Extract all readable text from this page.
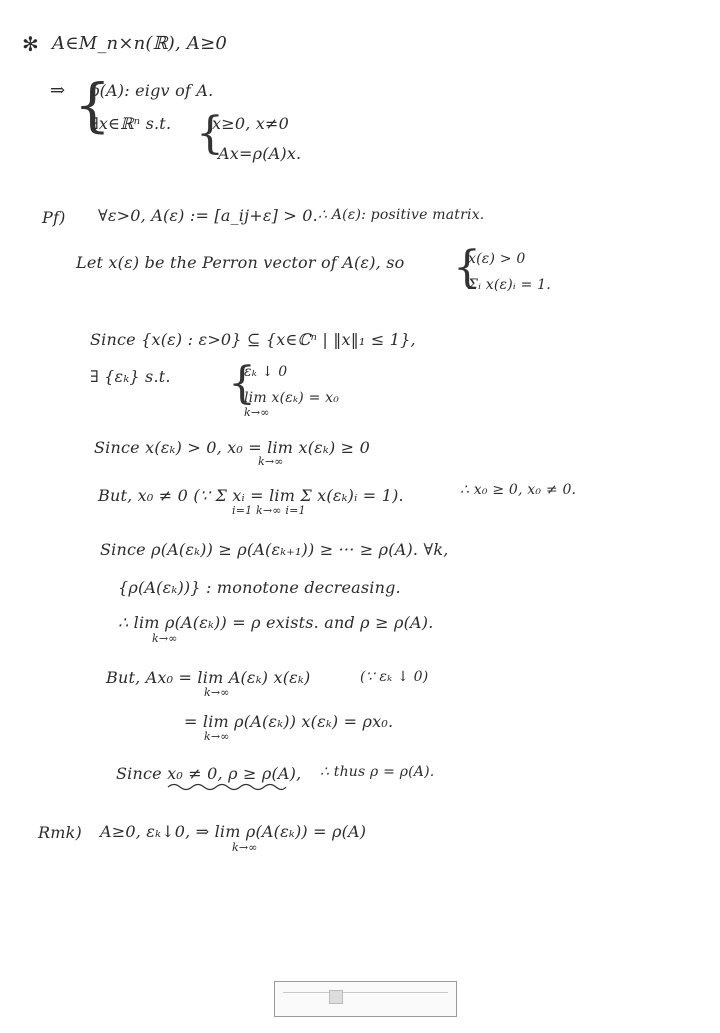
✻ A∈M_n×n(ℝ), A≥0
⇒ {
ρ(A): eigv of A.
∃x∈ℝⁿ s.t. {
x≥0, x≠0
Ax=ρ(A)x.
Pf) ∀ε>0, A(ε) := [a_ij+ε] > 0. ∴ A(ε): positive matrix.
Let x(ε) be the Perron vector of A(ε), so {
x(ε) > 0
Σᵢ x(ε)ᵢ = 1.
Since {x(ε) : ε>0} ⊆ {x∈ℂⁿ | ‖x‖₁ ≤ 1},
∃ {εₖ} s.t. {
εₖ ↓ 0
lim x(εₖ) = x₀
k→∞
Since x(εₖ) > 0, x₀ = lim x(εₖ) ≥ 0
k→∞
But, x₀ ≠ 0 (∵ Σ xᵢ = lim Σ x(εₖ)ᵢ = 1).
i=1 k→∞ i=1
∴ x₀ ≥ 0, x₀ ≠ 0.
Since ρ(A(εₖ)) ≥ ρ(A(εₖ₊₁)) ≥ ··· ≥ ρ(A). ∀k,
{ρ(A(εₖ))} : monotone decreasing.
∴ lim ρ(A(εₖ)) = ρ exists. and ρ ≥ ρ(A).
k→∞
But, Ax₀ = lim A(εₖ) x(εₖ)
k→∞
(∵ εₖ ↓ 0)
= lim ρ(A(εₖ)) x(εₖ) = ρx₀.
k→∞
Since x₀ ≠ 0, ρ ≥ ρ(A), ∴ thus ρ = ρ(A).
Rmk) A≥0, εₖ↓0, ⇒ lim ρ(A(εₖ)) = ρ(A)
k→∞
